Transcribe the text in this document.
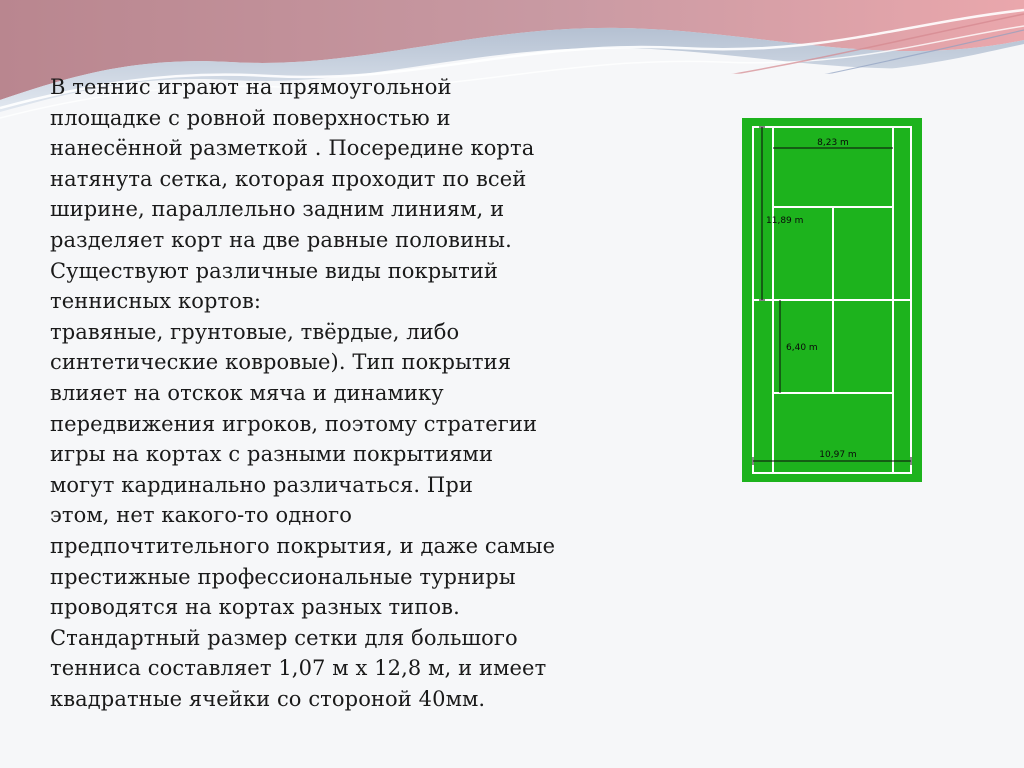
В теннис играют на прямоугольной
площадке с ровной поверхностью и
нанесённой разметкой . Посередине корта
натянута сетка, которая проходит по всей
ширине, параллельно задним линиям, и
разделяет корт на две равные половины.
Существуют различные виды покрытий
теннисных кортов:
травяные, грунтовые, твёрдые, либо
синтетические ковровые). Тип покрытия
влияет на отскок мяча и динамику
передвижения игроков, поэтому стратегии
игры на кортах с разными покрытиями
могут кардинально различаться. При
этом, нет какого-то одного
предпочтительного покрытия, и даже самые
престижные профессиональные турниры
проводятся на кортах разных типов.
Стандартный размер сетки для большого
тенниса составляет 1,07 м х 12,8 м, и имеет
квадратные ячейки со стороной 40мм.

8,23 m
11,89 m
6,40 m
10,97 m
